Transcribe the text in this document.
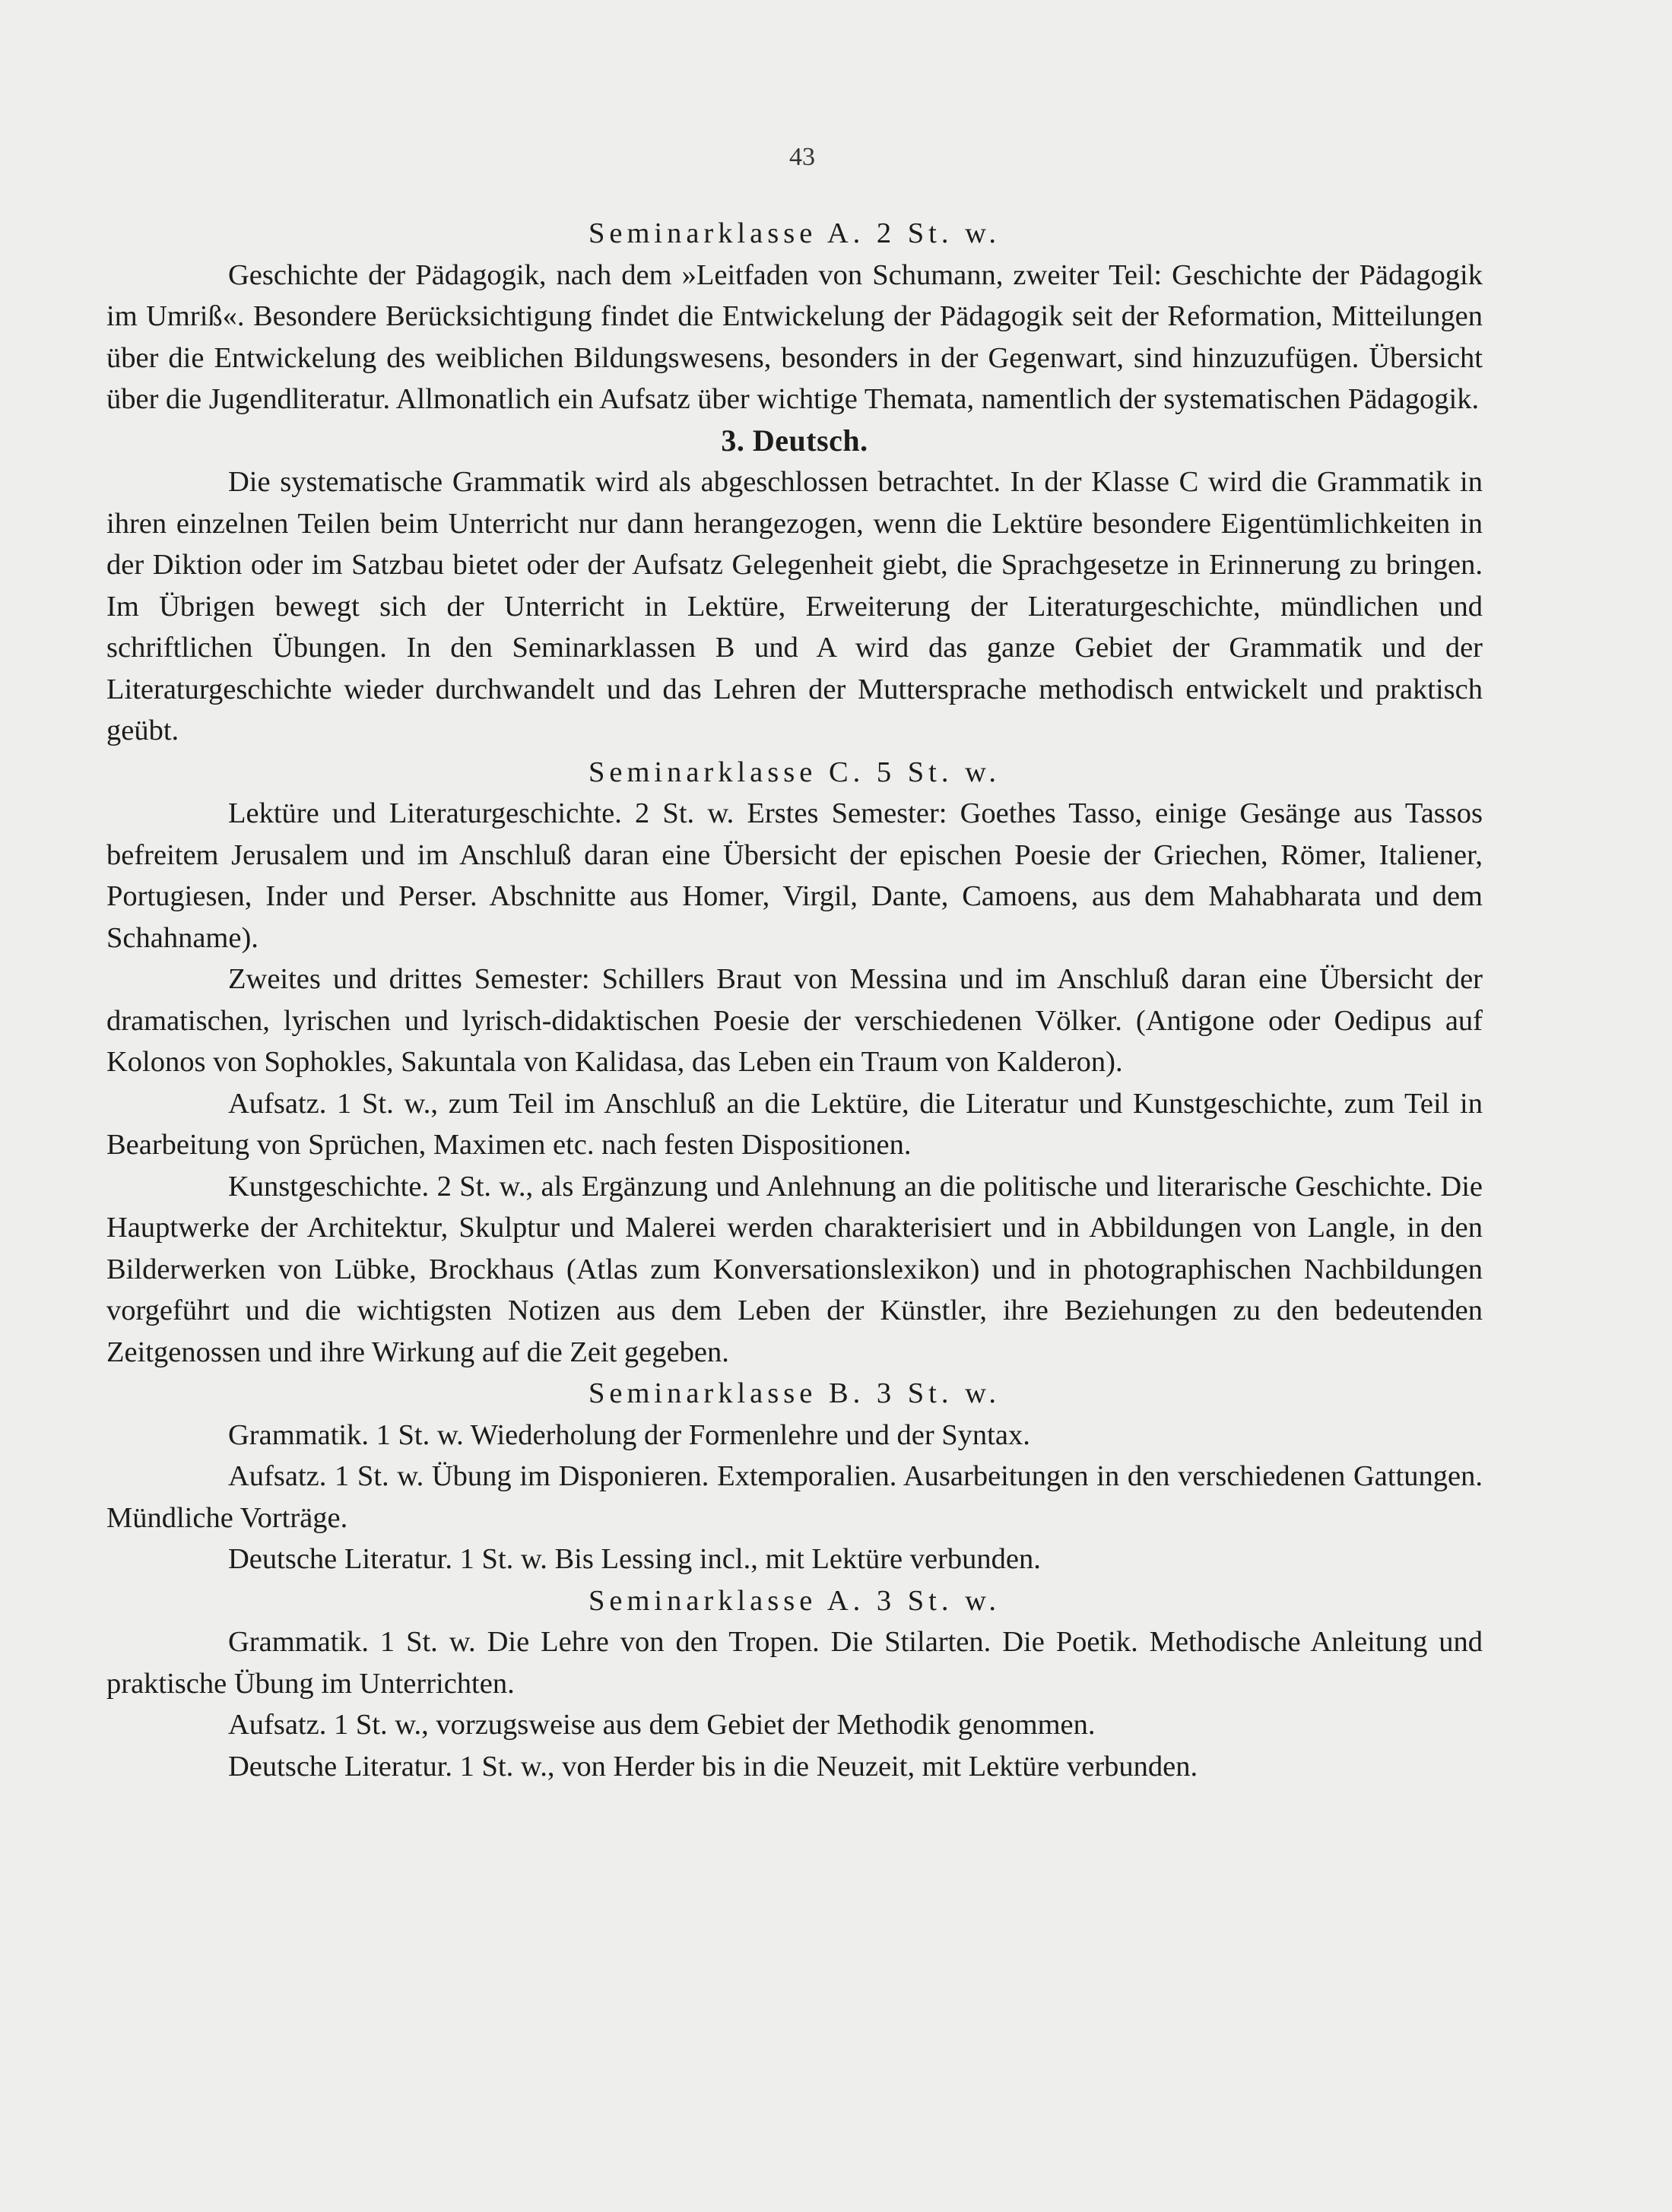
43

Seminarklasse A. 2 St. w.

Geschichte der Pädagogik, nach dem »Leitfaden von Schumann, zweiter Teil: Geschichte der Pädagogik im Umriß«. Besondere Berücksichtigung findet die Entwickelung der Pädagogik seit der Reformation, Mitteilungen über die Entwickelung des weiblichen Bildungswesens, besonders in der Gegenwart, sind hinzuzufügen. Übersicht über die Jugendliteratur. Allmonatlich ein Aufsatz über wichtige Themata, namentlich der systematischen Pädagogik.

3. Deutsch.

Die systematische Grammatik wird als abgeschlossen betrachtet. In der Klasse C wird die Grammatik in ihren einzelnen Teilen beim Unterricht nur dann herangezogen, wenn die Lektüre besondere Eigentümlichkeiten in der Diktion oder im Satzbau bietet oder der Aufsatz Gelegenheit giebt, die Sprachgesetze in Erinnerung zu bringen. Im Übrigen bewegt sich der Unterricht in Lektüre, Erweiterung der Literaturgeschichte, mündlichen und schriftlichen Übungen. In den Seminarklassen B und A wird das ganze Gebiet der Grammatik und der Literaturgeschichte wieder durchwandelt und das Lehren der Muttersprache methodisch entwickelt und praktisch geübt.

Seminarklasse C. 5 St. w.

Lektüre und Literaturgeschichte. 2 St. w. Erstes Semester: Goethes Tasso, einige Gesänge aus Tassos befreitem Jerusalem und im Anschluß daran eine Übersicht der epischen Poesie der Griechen, Römer, Italiener, Portugiesen, Inder und Perser. Abschnitte aus Homer, Virgil, Dante, Camoens, aus dem Mahabharata und dem Schahname).

Zweites und drittes Semester: Schillers Braut von Messina und im Anschluß daran eine Übersicht der dramatischen, lyrischen und lyrisch-didaktischen Poesie der verschiedenen Völker. (Antigone oder Oedipus auf Kolonos von Sophokles, Sakuntala von Kalidasa, das Leben ein Traum von Kalderon).

Aufsatz. 1 St. w., zum Teil im Anschluß an die Lektüre, die Literatur und Kunstgeschichte, zum Teil in Bearbeitung von Sprüchen, Maximen etc. nach festen Dispositionen.

Kunstgeschichte. 2 St. w., als Ergänzung und Anlehnung an die politische und literarische Geschichte. Die Hauptwerke der Architektur, Skulptur und Malerei werden charakterisiert und in Abbildungen von Langle, in den Bilderwerken von Lübke, Brockhaus (Atlas zum Konversationslexikon) und in photographischen Nachbildungen vorgeführt und die wichtigsten Notizen aus dem Leben der Künstler, ihre Beziehungen zu den bedeutenden Zeitgenossen und ihre Wirkung auf die Zeit gegeben.

Seminarklasse B. 3 St. w.

Grammatik. 1 St. w. Wiederholung der Formenlehre und der Syntax.

Aufsatz. 1 St. w. Übung im Disponieren. Extemporalien. Ausarbeitungen in den verschiedenen Gattungen. Mündliche Vorträge.

Deutsche Literatur. 1 St. w. Bis Lessing incl., mit Lektüre verbunden.

Seminarklasse A. 3 St. w.

Grammatik. 1 St. w. Die Lehre von den Tropen. Die Stilarten. Die Poetik. Methodische Anleitung und praktische Übung im Unterrichten.

Aufsatz. 1 St. w., vorzugsweise aus dem Gebiet der Methodik genommen.

Deutsche Literatur. 1 St. w., von Herder bis in die Neuzeit, mit Lektüre verbunden.
